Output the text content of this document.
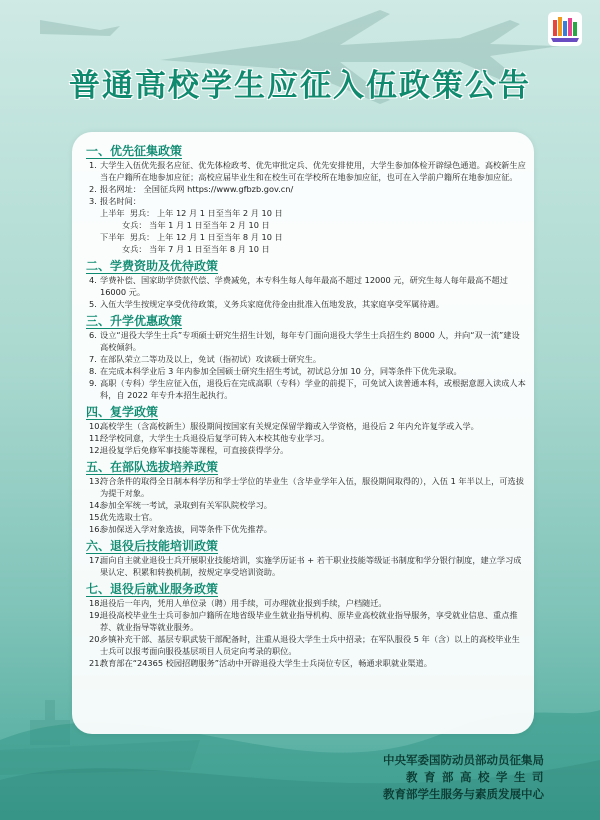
普通高校学生应征入伍政策公告
一、优先征集政策
1. 大学生入伍优先报名应征、优先体检政考、优先审批定兵、优先安排使用，大学生参加体检开辟绿色通道。高校新生应当在户籍所在地参加应征；高校应届毕业生和在校生可在学校所在地参加应征，也可在入学前户籍所在地参加应征。
2. 报名网址： 全国征兵网 https://www.gfbzb.gov.cn/
3. 报名时间：
上半年 男兵： 上年 12 月 1 日至当年 2 月 10 日
女兵： 当年 1 月 1 日至当年 2 月 10 日
下半年 男兵： 上年 12 月 1 日至当年 8 月 10 日
女兵： 当年 7 月 1 日至当年 8 月 10 日
二、学费资助及优待政策
4. 学费补偿、国家助学贷款代偿、学费减免，本专科生每人每年最高不超过 12000 元，研究生每人每年最高不超过 16000 元。
5. 入伍大学生按规定享受优待政策，义务兵家庭优待金由批准入伍地发放，其家庭享受军属待遇。
三、升学优惠政策
6. 设立“退役大学生士兵”专项硕士研究生招生计划，每年专门面向退役大学生士兵招生约 8000 人，并向“双一流”建设高校倾斜。
7. 在部队荣立二等功及以上，免试（指初试）攻读硕士研究生。
8. 在完成本科学业后 3 年内参加全国硕士研究生招生考试，初试总分加 10 分，同等条件下优先录取。
9. 高职（专科）学生应征入伍，退役后在完成高职（专科）学业的前提下，可免试入读普通本科，或根据意愿入读成人本科，自 2022 年专升本招生起执行。
四、复学政策
10.高校学生（含高校新生）服役期间按国家有关规定保留学籍或入学资格，退役后 2 年内允许复学或入学。
11.经学校同意，大学生士兵退役后复学可转入本校其他专业学习。
12.退役复学后免修军事技能等课程，可直接获得学分。
五、在部队选拔培养政策
13.符合条件的取得全日制本科学历和学士学位的毕业生（含毕业学年入伍，服役期间取得的），入伍 1 年半以上，可选拔为提干对象。
14.参加全军统一考试，录取到有关军队院校学习。
15.优先选取士官。
16.参加保送入学对象选拔，同等条件下优先推荐。
六、退役后技能培训政策
17.面向自主就业退役士兵开展职业技能培训，实施学历证书 + 若干职业技能等级证书制度和学分银行制度，建立学习成果认定、积累和转换机制，按规定享受培训资助。
七、退役后就业服务政策
18.退役后一年内，凭用人单位录（聘）用手续，可办理就业报到手续，户档随迁。
19.退役高校毕业生士兵可参加户籍所在地省级毕业生就业指导机构、原毕业高校就业指导服务，享受就业信息、重点推荐、就业指导等就业服务。
20.乡镇补充干部、基层专职武装干部配备时，注重从退役大学生士兵中招录；在军队服役 5 年（含）以上的高校毕业生士兵可以报考面向服役基层项目人员定向考录的职位。
21.教育部在“24365 校园招聘服务”活动中开辟退役大学生士兵岗位专区，畅通求职就业渠道。
中央军委国防动员部动员征集局
教育部高校学生司
教育部学生服务与素质发展中心
